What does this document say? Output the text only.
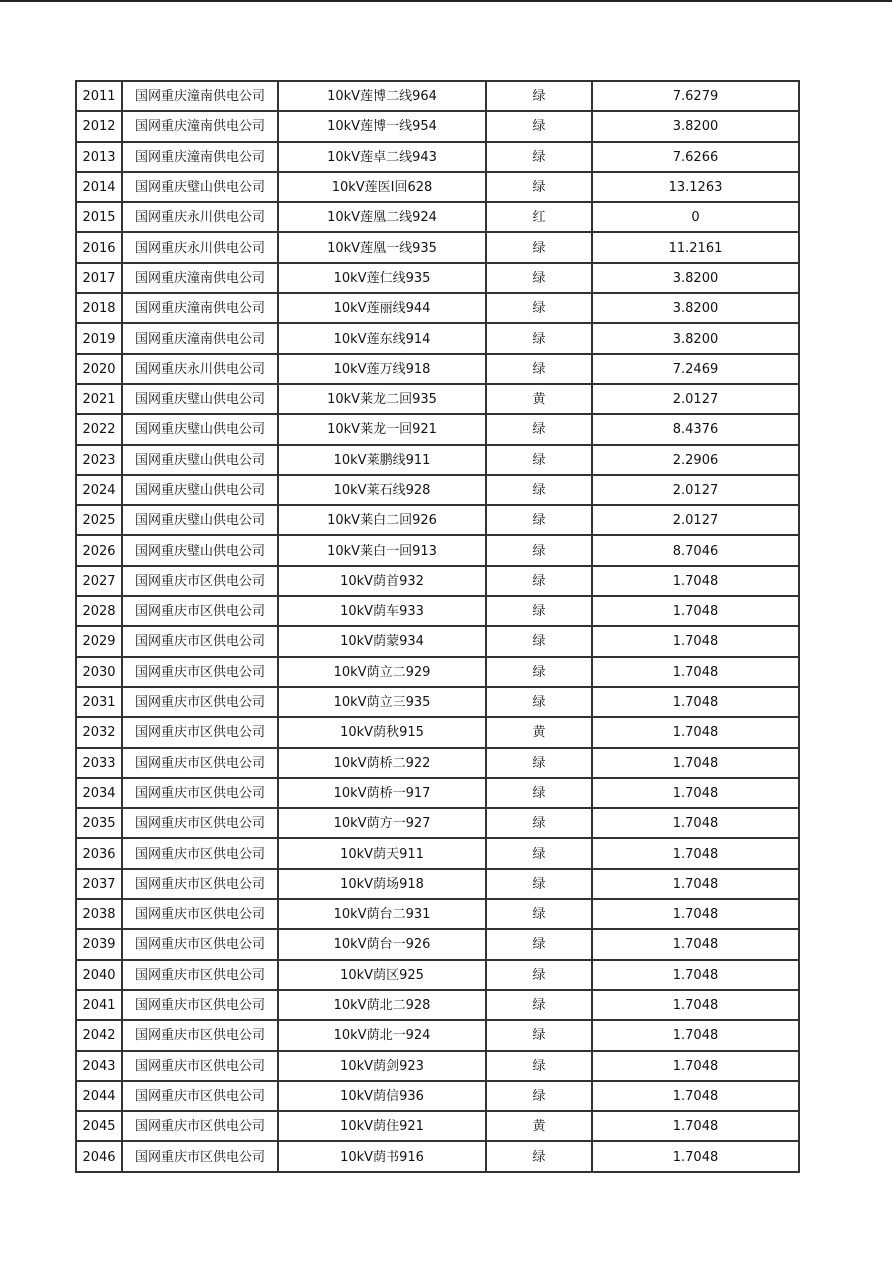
2011	国网重庆潼南供电公司	10kV莲博二线964	绿	7.6279
2012	国网重庆潼南供电公司	10kV莲博一线954	绿	3.8200
2013	国网重庆潼南供电公司	10kV莲卓二线943	绿	7.6266
2014	国网重庆璧山供电公司	10kV莲医I回628	绿	13.1263
2015	国网重庆永川供电公司	10kV莲凰二线924	红	0
2016	国网重庆永川供电公司	10kV莲凰一线935	绿	11.2161
2017	国网重庆潼南供电公司	10kV莲仁线935	绿	3.8200
2018	国网重庆潼南供电公司	10kV莲丽线944	绿	3.8200
2019	国网重庆潼南供电公司	10kV莲东线914	绿	3.8200
2020	国网重庆永川供电公司	10kV莲万线918	绿	7.2469
2021	国网重庆璧山供电公司	10kV莱龙二回935	黄	2.0127
2022	国网重庆璧山供电公司	10kV莱龙一回921	绿	8.4376
2023	国网重庆璧山供电公司	10kV莱鹏线911	绿	2.2906
2024	国网重庆璧山供电公司	10kV莱石线928	绿	2.0127
2025	国网重庆璧山供电公司	10kV莱白二回926	绿	2.0127
2026	国网重庆璧山供电公司	10kV莱白一回913	绿	8.7046
2027	国网重庆市区供电公司	10kV荫首932	绿	1.7048
2028	国网重庆市区供电公司	10kV荫车933	绿	1.7048
2029	国网重庆市区供电公司	10kV荫蒙934	绿	1.7048
2030	国网重庆市区供电公司	10kV荫立二929	绿	1.7048
2031	国网重庆市区供电公司	10kV荫立三935	绿	1.7048
2032	国网重庆市区供电公司	10kV荫秋915	黄	1.7048
2033	国网重庆市区供电公司	10kV荫桥二922	绿	1.7048
2034	国网重庆市区供电公司	10kV荫桥一917	绿	1.7048
2035	国网重庆市区供电公司	10kV荫方一927	绿	1.7048
2036	国网重庆市区供电公司	10kV荫天911	绿	1.7048
2037	国网重庆市区供电公司	10kV荫场918	绿	1.7048
2038	国网重庆市区供电公司	10kV荫台二931	绿	1.7048
2039	国网重庆市区供电公司	10kV荫台一926	绿	1.7048
2040	国网重庆市区供电公司	10kV荫区925	绿	1.7048
2041	国网重庆市区供电公司	10kV荫北二928	绿	1.7048
2042	国网重庆市区供电公司	10kV荫北一924	绿	1.7048
2043	国网重庆市区供电公司	10kV荫剑923	绿	1.7048
2044	国网重庆市区供电公司	10kV荫信936	绿	1.7048
2045	国网重庆市区供电公司	10kV荫住921	黄	1.7048
2046	国网重庆市区供电公司	10kV荫书916	绿	1.7048
